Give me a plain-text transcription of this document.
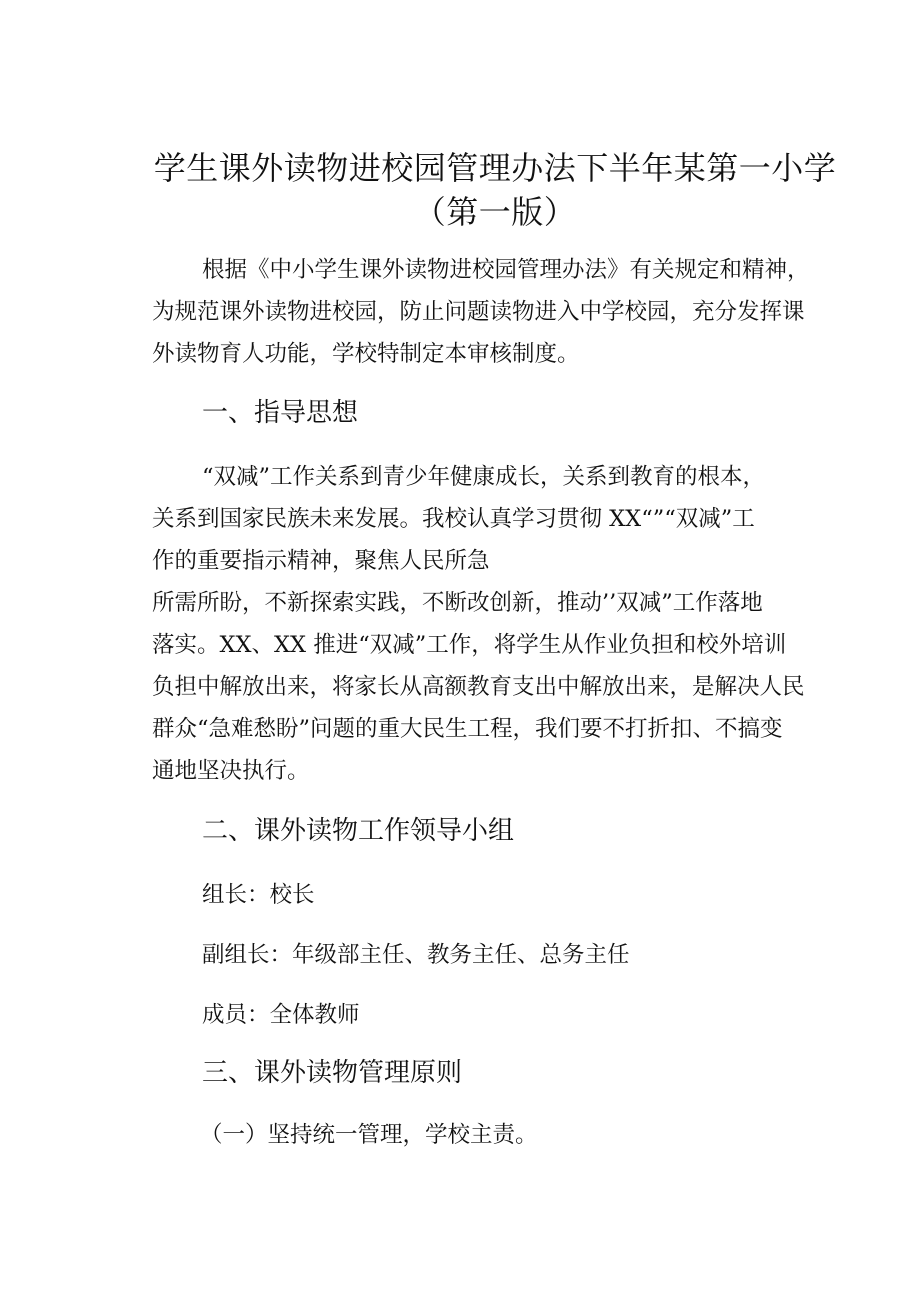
学生课外读物进校园管理办法下半年某第一小学
（第一版）
根据《中小学生课外读物进校园管理办法》有关规定和精神，
为规范课外读物进校园，防止问题读物进入中学校园，充分发挥课
外读物育人功能，学校特制定本审核制度。
一、指导思想
“双减”工作关系到青少年健康成长，关系到教育的根本，
关系到国家民族未来发展。我校认真学习贯彻 XX“”“双减”工
作的重要指示精神，聚焦人民所急
所需所盼，不新探索实践，不断改创新，推动’’双减”工作落地
落实。XX、XX 推进“双减”工作，将学生从作业负担和校外培训
负担中解放出来，将家长从高额教育支出中解放出来，是解决人民
群众“急难愁盼”问题的重大民生工程，我们要不打折扣、不搞变
通地坚决执行。
二、课外读物工作领导小组
组长：校长
副组长：年级部主任、教务主任、总务主任
成员：全体教师
三、课外读物管理原则
（一）坚持统一管理，学校主责。
